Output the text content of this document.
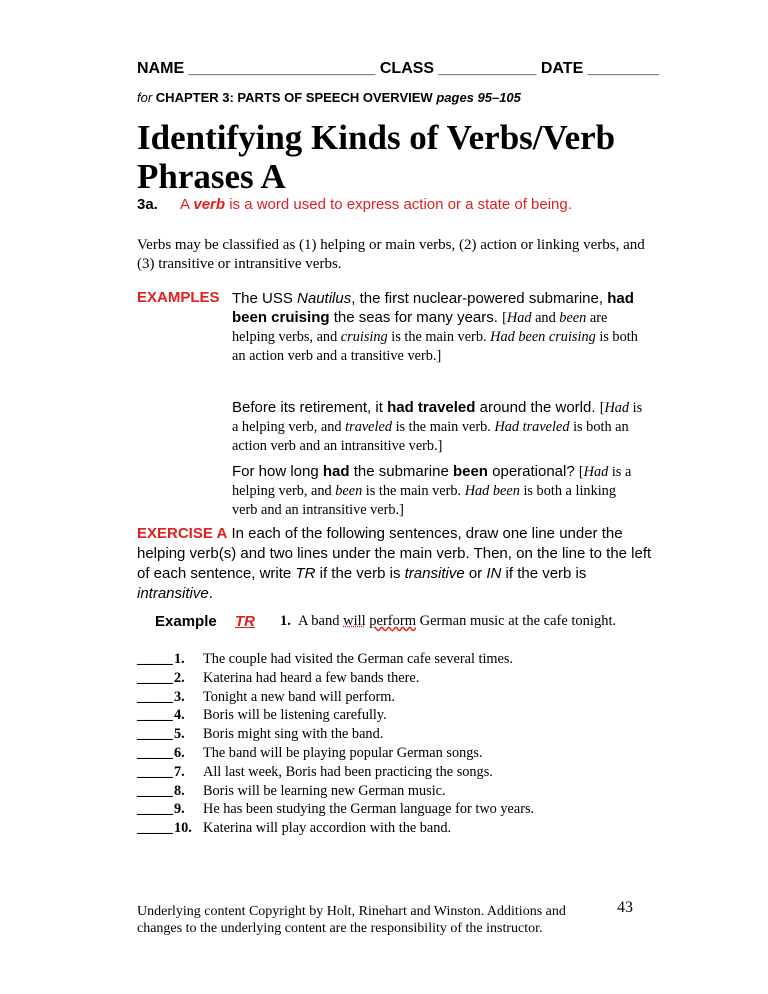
NAME _____________________ CLASS ___________ DATE ________
for CHAPTER 3: PARTS OF SPEECH OVERVIEW pages 95–105
Identifying Kinds of Verbs/Verb Phrases A
3a. A verb is a word used to express action or a state of being.
Verbs may be classified as (1) helping or main verbs, (2) action or linking verbs, and (3) transitive or intransitive verbs.
EXAMPLES The USS Nautilus, the first nuclear-powered submarine, had been cruising the seas for many years. [Had and been are helping verbs, and cruising is the main verb. Had been cruising is both an action verb and a transitive verb.]
Before its retirement, it had traveled around the world. [Had is a helping verb, and traveled is the main verb. Had traveled is both an action verb and an intransitive verb.]
For how long had the submarine been operational? [Had is a helping verb, and been is the main verb. Had been is both a linking verb and an intransitive verb.]
EXERCISE A In each of the following sentences, draw one line under the helping verb(s) and two lines under the main verb. Then, on the line to the left of each sentence, write TR if the verb is transitive or IN if the verb is intransitive.
Example TR 1. A band will perform German music at the cafe tonight.
_____ 1.	The couple had visited the German cafe several times.
_____ 2.	Katerina had heard a few bands there.
_____ 3.	Tonight a new band will perform.
_____ 4.	Boris will be listening carefully.
_____ 5.	Boris might sing with the band.
_____ 6.	The band will be playing popular German songs.
_____ 7.	All last week, Boris had been practicing the songs.
_____ 8.	Boris will be learning new German music.
_____ 9.	He has been studying the German language for two years.
_____ 10. Katerina will play accordion with the band.
Underlying content Copyright by Holt, Rinehart and Winston. Additions and changes to the underlying content are the responsibility of the instructor.
43
